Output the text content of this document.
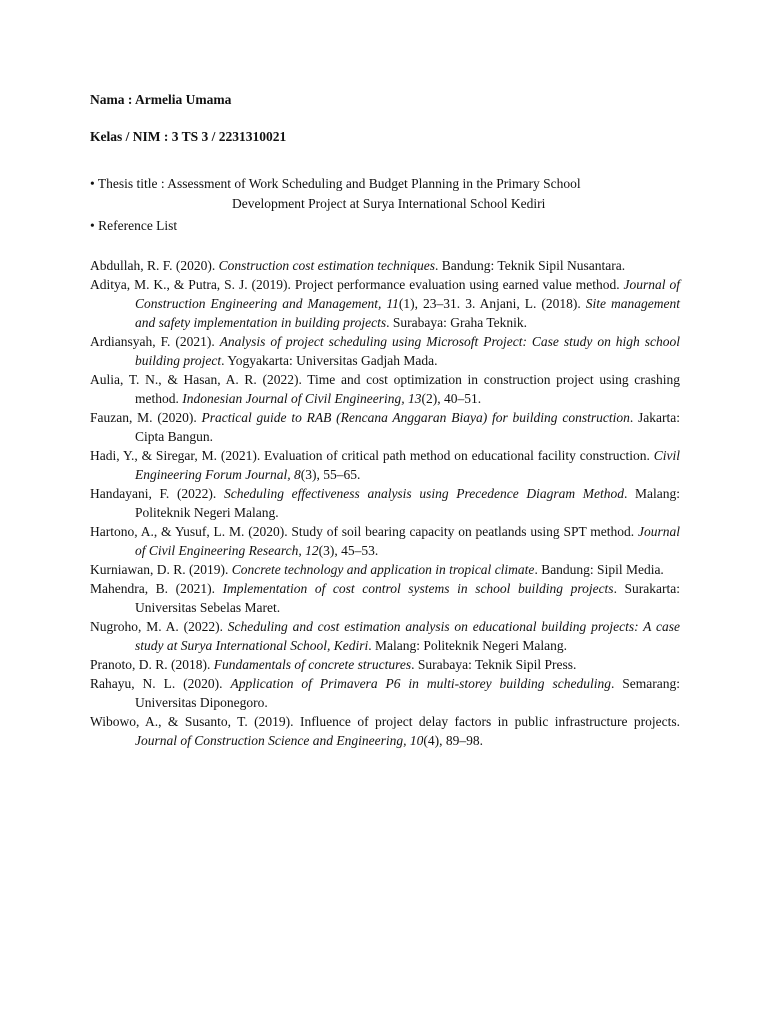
Nama : Armelia Umama
Kelas / NIM : 3 TS 3 / 2231310021
• Thesis title : Assessment of Work Scheduling and Budget Planning in the Primary School
Development Project at Surya International School Kediri
• Reference List

Abdullah, R. F. (2020). Construction cost estimation techniques. Bandung: Teknik Sipil Nusantara.

Aditya, M. K., & Putra, S. J. (2019). Project performance evaluation using earned value method. Journal of Construction Engineering and Management, 11(1), 23–31. 3. Anjani, L. (2018). Site management and safety implementation in building projects. Surabaya: Graha Teknik.

Ardiansyah, F. (2021). Analysis of project scheduling using Microsoft Project: Case study on high school building project. Yogyakarta: Universitas Gadjah Mada.

Aulia, T. N., & Hasan, A. R. (2022). Time and cost optimization in construction project using crashing method. Indonesian Journal of Civil Engineering, 13(2), 40–51.

Fauzan, M. (2020). Practical guide to RAB (Rencana Anggaran Biaya) for building construction. Jakarta: Cipta Bangun.

Hadi, Y., & Siregar, M. (2021). Evaluation of critical path method on educational facility construction. Civil Engineering Forum Journal, 8(3), 55–65.

Handayani, F. (2022). Scheduling effectiveness analysis using Precedence Diagram Method. Malang: Politeknik Negeri Malang.

Hartono, A., & Yusuf, L. M. (2020). Study of soil bearing capacity on peatlands using SPT method. Journal of Civil Engineering Research, 12(3), 45–53.

Kurniawan, D. R. (2019). Concrete technology and application in tropical climate. Bandung: Sipil Media.

Mahendra, B. (2021). Implementation of cost control systems in school building projects. Surakarta: Universitas Sebelas Maret.

Nugroho, M. A. (2022). Scheduling and cost estimation analysis on educational building projects: A case study at Surya International School, Kediri. Malang: Politeknik Negeri Malang.

Pranoto, D. R. (2018). Fundamentals of concrete structures. Surabaya: Teknik Sipil Press.

Rahayu, N. L. (2020). Application of Primavera P6 in multi-storey building scheduling. Semarang: Universitas Diponegoro.

Wibowo, A., & Susanto, T. (2019). Influence of project delay factors in public infrastructure projects. Journal of Construction Science and Engineering, 10(4), 89–98.
